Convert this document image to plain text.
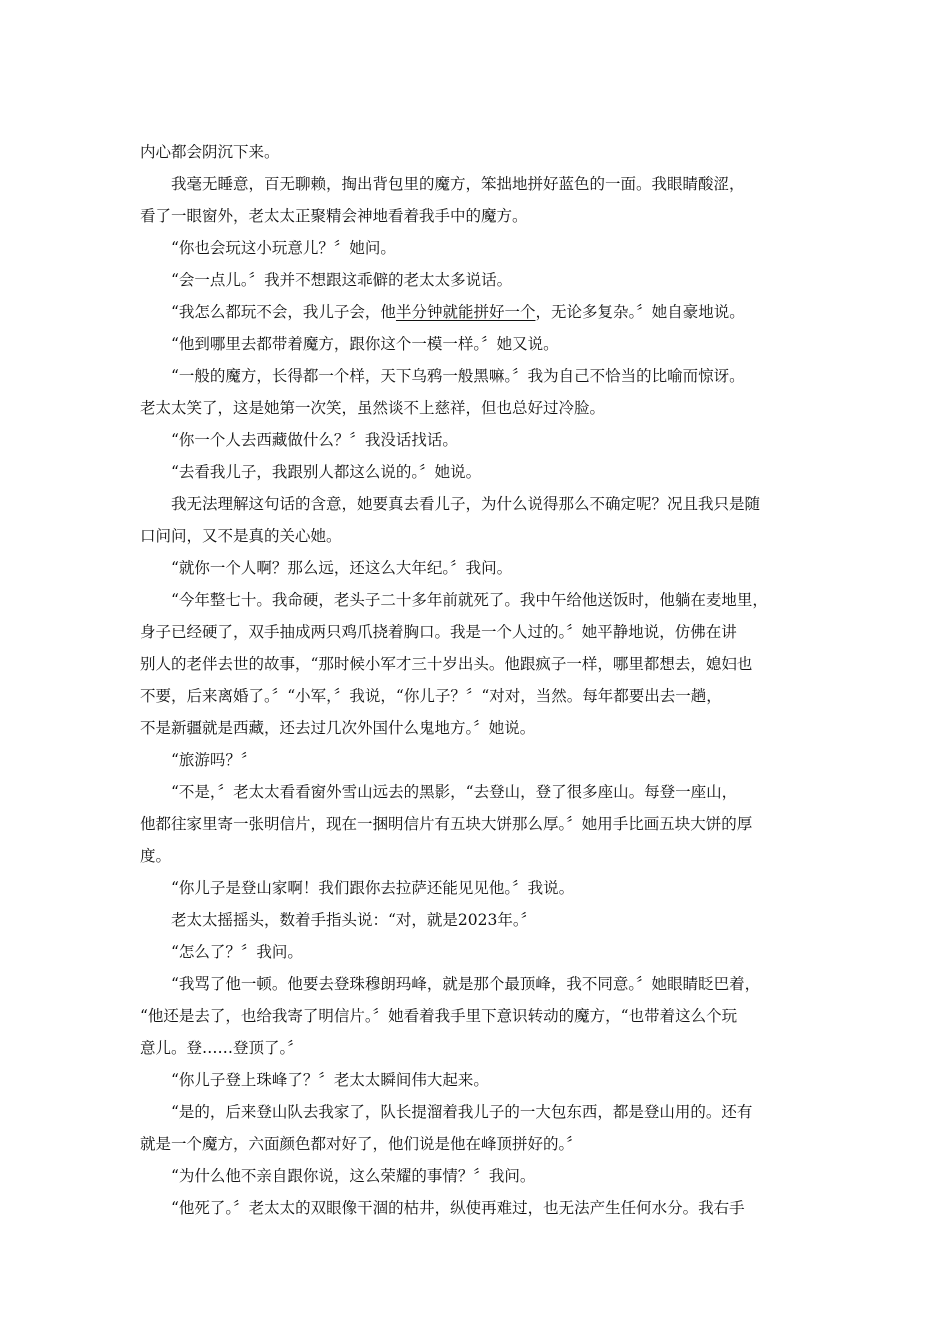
内心都会阴沉下来。
我毫无睡意，百无聊赖，掏出背包里的魔方，笨拙地拼好蓝色的一面。我眼睛酸涩，
看了一眼窗外，老太太正聚精会神地看着我手中的魔方。
“你也会玩这小玩意儿？〞她问。
“会一点儿。〞我并不想跟这乖僻的老太太多说话。
“我怎么都玩不会，我儿子会，他半分钟就能拼好一个，无论多复杂。〞她自豪地说。
“他到哪里去都带着魔方，跟你这个一模一样。〞她又说。
“一般的魔方，长得都一个样，天下乌鸦一般黑嘛。〞我为自己不恰当的比喻而惊讶。
老太太笑了，这是她第一次笑，虽然谈不上慈祥，但也总好过冷脸。
“你一个人去西藏做什么？〞我没话找话。
“去看我儿子，我跟别人都这么说的。〞她说。
我无法理解这句话的含意，她要真去看儿子，为什么说得那么不确定呢？况且我只是随
口问问，又不是真的关心她。
“就你一个人啊？那么远，还这么大年纪。〞我问。
“今年整七十。我命硬，老头子二十多年前就死了。我中午给他送饭时，他躺在麦地里，
身子已经硬了，双手抽成两只鸡爪挠着胸口。我是一个人过的。〞她平静地说，仿佛在讲
别人的老伴去世的故事，“那时候小军才三十岁出头。他跟疯子一样，哪里都想去，媳妇也
不要，后来离婚了。〞“小军，〞我说，“你儿子？〞“对对，当然。每年都要出去一趟，
不是新疆就是西藏，还去过几次外国什么鬼地方。〞她说。
“旅游吗？〞
“不是，〞老太太看看窗外雪山远去的黑影，“去登山，登了很多座山。每登一座山，
他都往家里寄一张明信片，现在一捆明信片有五块大饼那么厚。〞她用手比画五块大饼的厚
度。
“你儿子是登山家啊！我们跟你去拉萨还能见见他。〞我说。
老太太摇摇头，数着手指头说：“对，就是2023年。〞
“怎么了？〞我问。
“我骂了他一顿。他要去登珠穆朗玛峰，就是那个最顶峰，我不同意。〞她眼睛眨巴着，
“他还是去了，也给我寄了明信片。〞她看着我手里下意识转动的魔方，“也带着这么个玩
意儿。登……登顶了。〞
“你儿子登上珠峰了？〞老太太瞬间伟大起来。
“是的，后来登山队去我家了，队长提溜着我儿子的一大包东西，都是登山用的。还有
就是一个魔方，六面颜色都对好了，他们说是他在峰顶拼好的。〞
“为什么他不亲自跟你说，这么荣耀的事情？〞我问。
“他死了。〞老太太的双眼像干涸的枯井，纵使再难过，也无法产生任何水分。我右手
